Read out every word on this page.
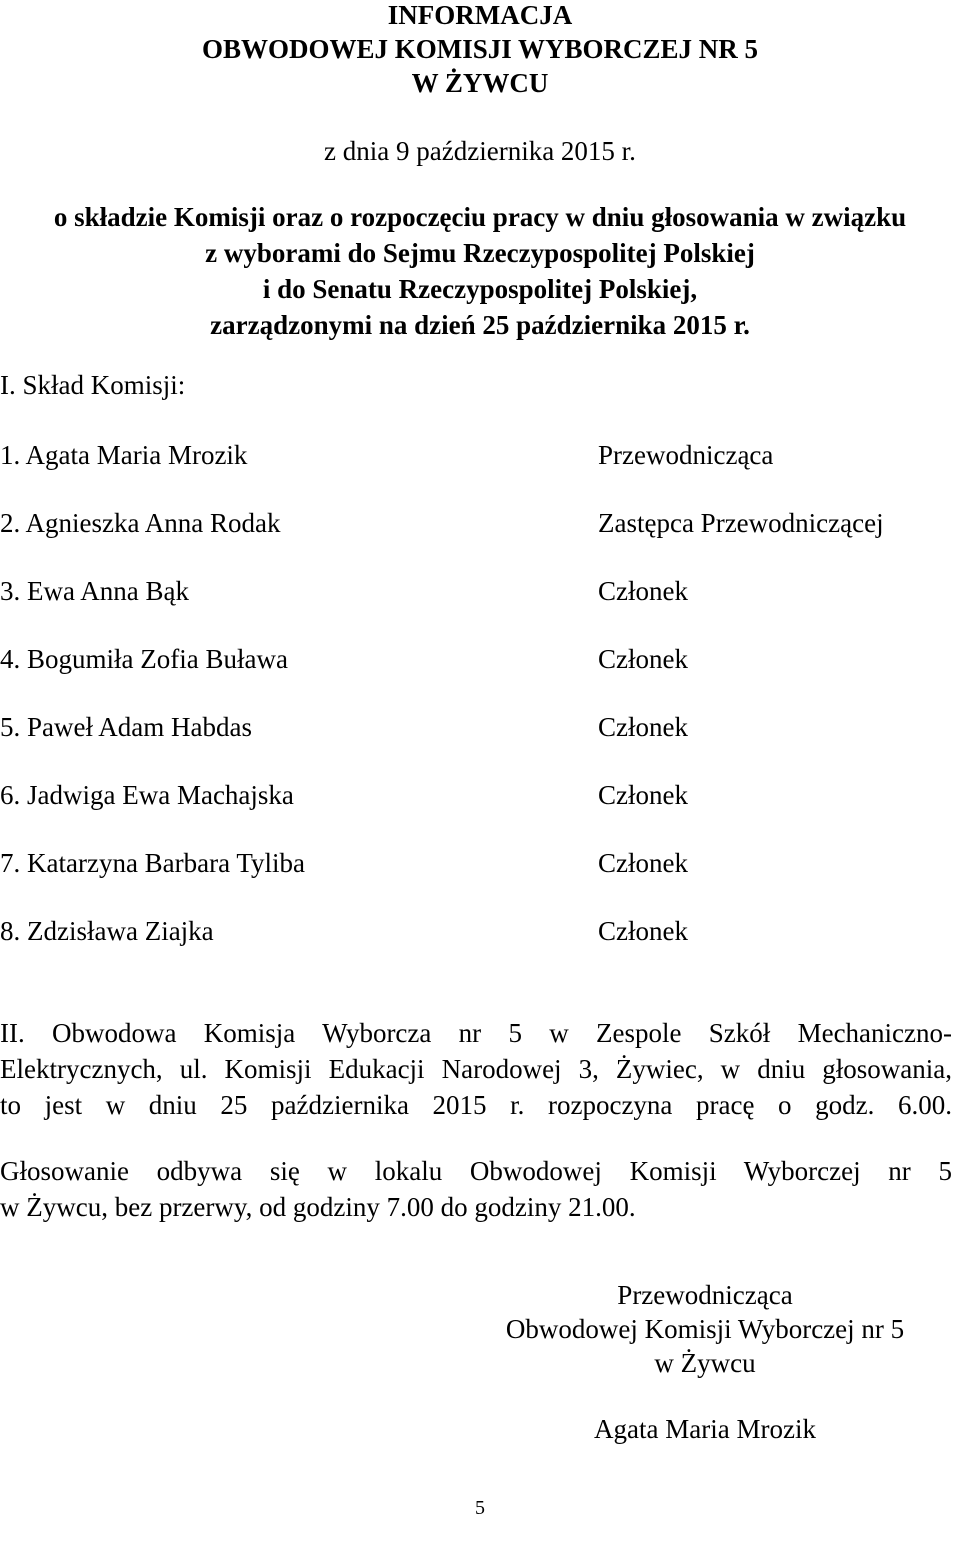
INFORMACJA
OBWODOWEJ KOMISJI WYBORCZEJ NR 5
W ŻYWCU
z dnia 9 października 2015 r.
o składzie Komisji oraz o rozpoczęciu pracy w dniu głosowania w związku
z wyborami do Sejmu Rzeczypospolitej Polskiej
i do Senatu Rzeczypospolitej Polskiej,
zarządzonymi na dzień 25 października 2015 r.
I. Skład Komisji:
1. Agata Maria Mrozik	Przewodnicząca
2. Agnieszka Anna Rodak	Zastępca Przewodniczącej
3. Ewa Anna Bąk	Członek
4. Bogumiła Zofia Buława	Członek
5. Paweł Adam Habdas	Członek
6. Jadwiga Ewa Machajska	Członek
7. Katarzyna Barbara Tyliba	Członek
8. Zdzisława Ziajka	Członek
II. Obwodowa Komisja Wyborcza nr 5 w Zespole Szkół Mechaniczno-
Elektrycznych, ul. Komisji Edukacji Narodowej 3, Żywiec, w dniu głosowania,
to jest w dniu 25 października 2015 r. rozpoczyna pracę o godz. 6.00.
Głosowanie odbywa się w lokalu Obwodowej Komisji Wyborczej nr 5
w Żywcu, bez przerwy, od godziny 7.00 do godziny 21.00.
Przewodnicząca
Obwodowej Komisji Wyborczej nr 5
w Żywcu
Agata Maria Mrozik
5
